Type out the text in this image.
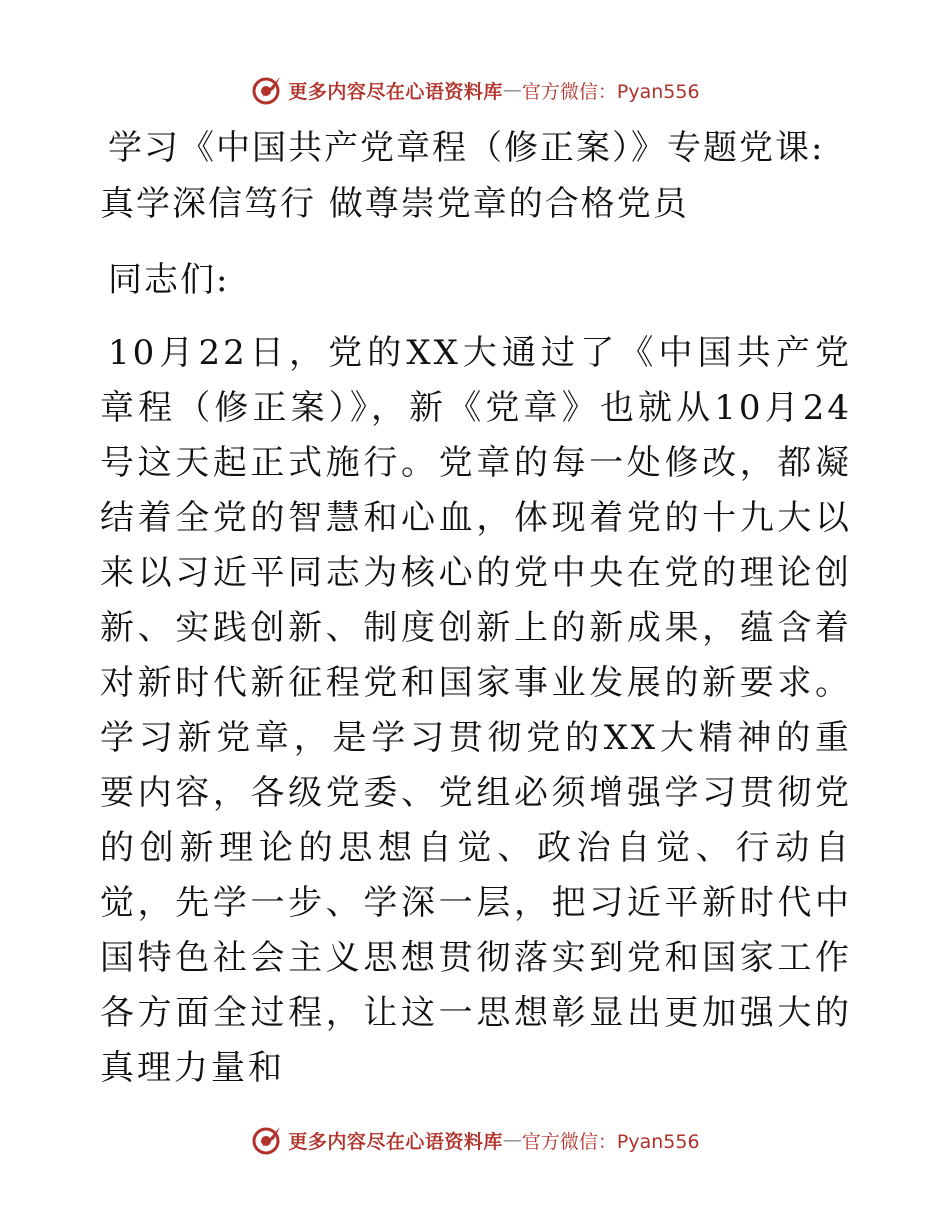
更多内容尽在心语资料库 — 官方微信：Pyan556
学习《中国共产党章程（修正案）》专题党课:
真学深信笃行 做尊崇党章的合格党员
同志们:
10月22日，党的XX大通过了《中国共产党章程（修正案）》，新《党章》也就从10月24号这天起正式施行。党章的每一处修改，都凝结着全党的智慧和心血，体现着党的十九大以来以习近平同志为核心的党中央在党的理论创新、实践创新、制度创新上的新成果，蕴含着对新时代新征程党和国家事业发展的新要求。学习新党章，是学习贯彻党的XX大精神的重要内容，各级党委、党组必须增强学习贯彻党的创新理论的思想自觉、政治自觉、行动自觉，先学一步、学深一层，把习近平新时代中国特色社会主义思想贯彻落实到党和国家工作各方面全过程，让这一思想彰显出更加强大的真理力量和
更多内容尽在心语资料库 — 官方微信：Pyan556
